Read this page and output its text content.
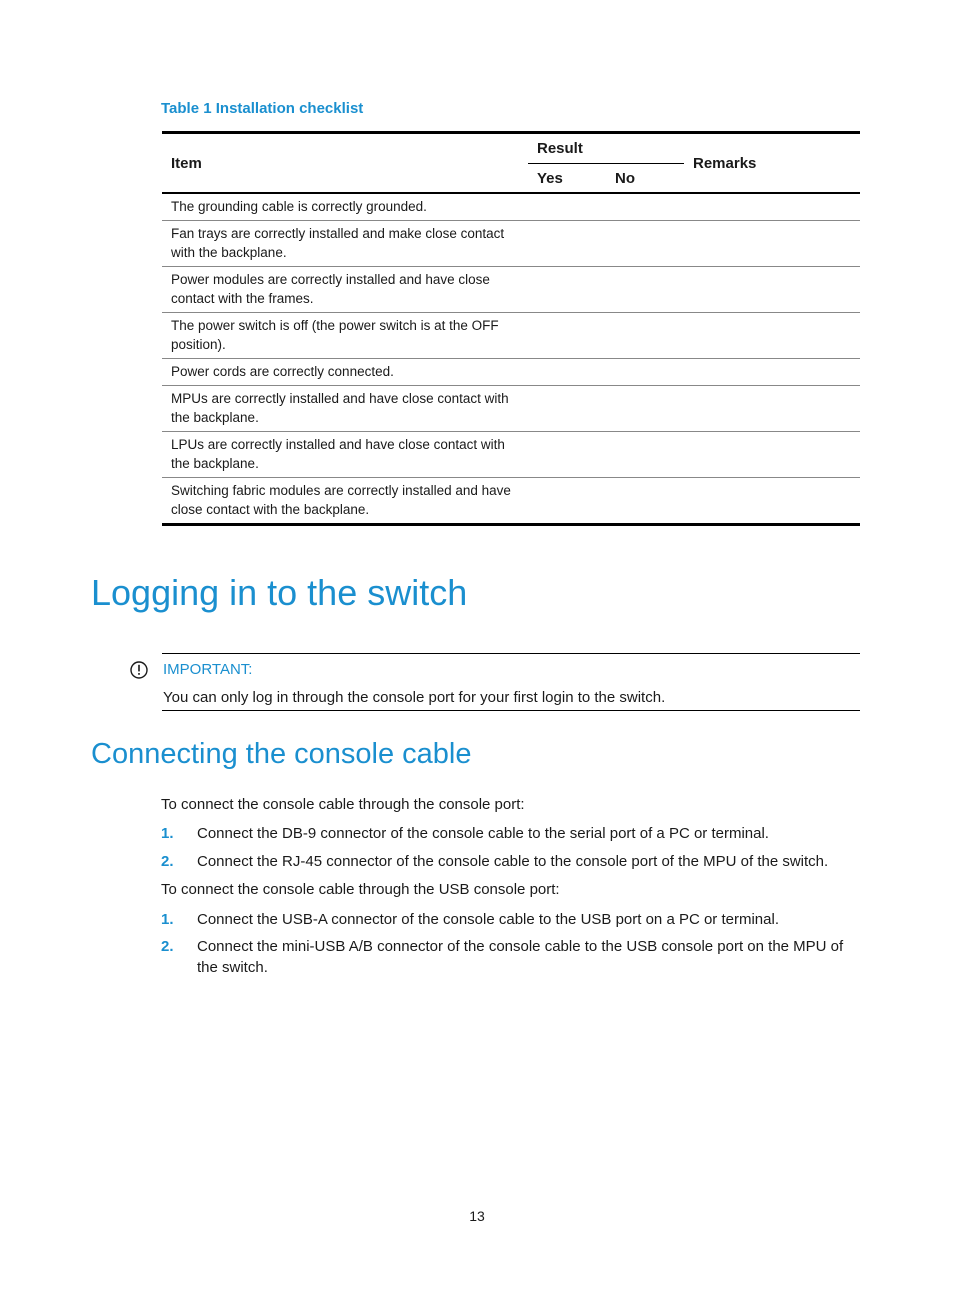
Table 1 Installation checklist
Item	Result		Remarks
	Yes	No	
The grounding cable is correctly grounded.			
Fan trays are correctly installed and make close contact with the backplane.			
Power modules are correctly installed and have close contact with the frames.			
The power switch is off (the power switch is at the OFF position).			
Power cords are correctly connected.			
MPUs are correctly installed and have close contact with the backplane.			
LPUs are correctly installed and have close contact with the backplane.			
Switching fabric modules are correctly installed and have close contact with the backplane.			
Logging in to the switch
IMPORTANT:
You can only log in through the console port for your first login to the switch.
Connecting the console cable
To connect the console cable through the console port:
1. Connect the DB-9 connector of the console cable to the serial port of a PC or terminal.
2. Connect the RJ-45 connector of the console cable to the console port of the MPU of the switch.
To connect the console cable through the USB console port:
1. Connect the USB-A connector of the console cable to the USB port on a PC or terminal.
2. Connect the mini-USB A/B connector of the console cable to the USB console port on the MPU of the switch.
13
